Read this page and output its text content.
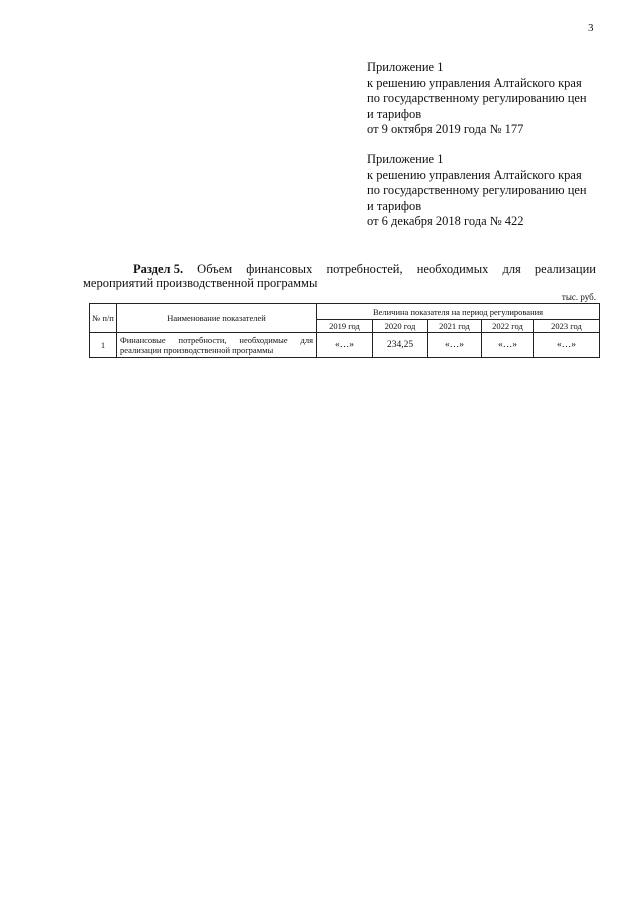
3
Приложение 1
к решению управления Алтайского края
по государственному регулированию цен
и тарифов
от 9 октября 2019 года № 177
Приложение 1
к решению управления Алтайского края
по государственному регулированию цен
и тарифов
от 6 декабря 2018 года № 422
Раздел 5. Объем финансовых потребностей, необходимых для реализации
мероприятий производственной программы
тыс. руб.
№ п/п	Наименование показателей	Величина показателя на период регулирования				
		2019 год	2020 год	2021 год	2022 год	2023 год
1	Финансовые потребности, необходимые для реализации производственной программы	«…»	234,25	«…»	«…»	«…»
